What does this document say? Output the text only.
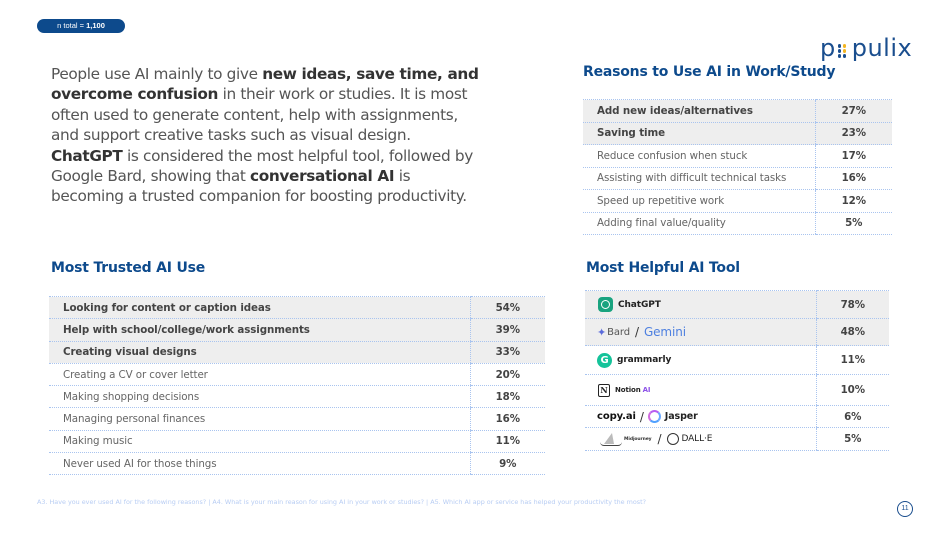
n total = 1,100
p pulix

People use AI mainly to give new ideas, save time, and overcome confusion in their work or studies. It is most often used to generate content, help with assignments, and support creative tasks such as visual design. ChatGPT is considered the most helpful tool, followed by Google Bard, showing that conversational AI is becoming a trusted companion for boosting productivity.

Reasons to Use AI in Work/Study
Add new ideas/alternatives	27%
Saving time	23%
Reduce confusion when stuck	17%
Assisting with difficult technical tasks	16%
Speed up repetitive work	12%
Adding final value/quality	5%
Most Trusted AI Use
Looking for content or caption ideas	54%
Help with school/college/work assignments	39%
Creating visual designs	33%
Creating a CV or cover letter	20%
Making shopping decisions	18%
Managing personal finances	16%
Making music	11%
Never used AI for those things	9%
Most Helpful AI Tool
ChatGPT	78%

✦ Bard / Gemini	48%

G grammarly	11%

N Notion AI	10%

copy.ai / Jasper	6%

Midjourney / DALL·E	5%
A3. Have you ever used AI for the following reasons? | A4. What is your main reason for using AI in your work or studies? | A5. Which AI app or service has helped your productivity the most?
11
